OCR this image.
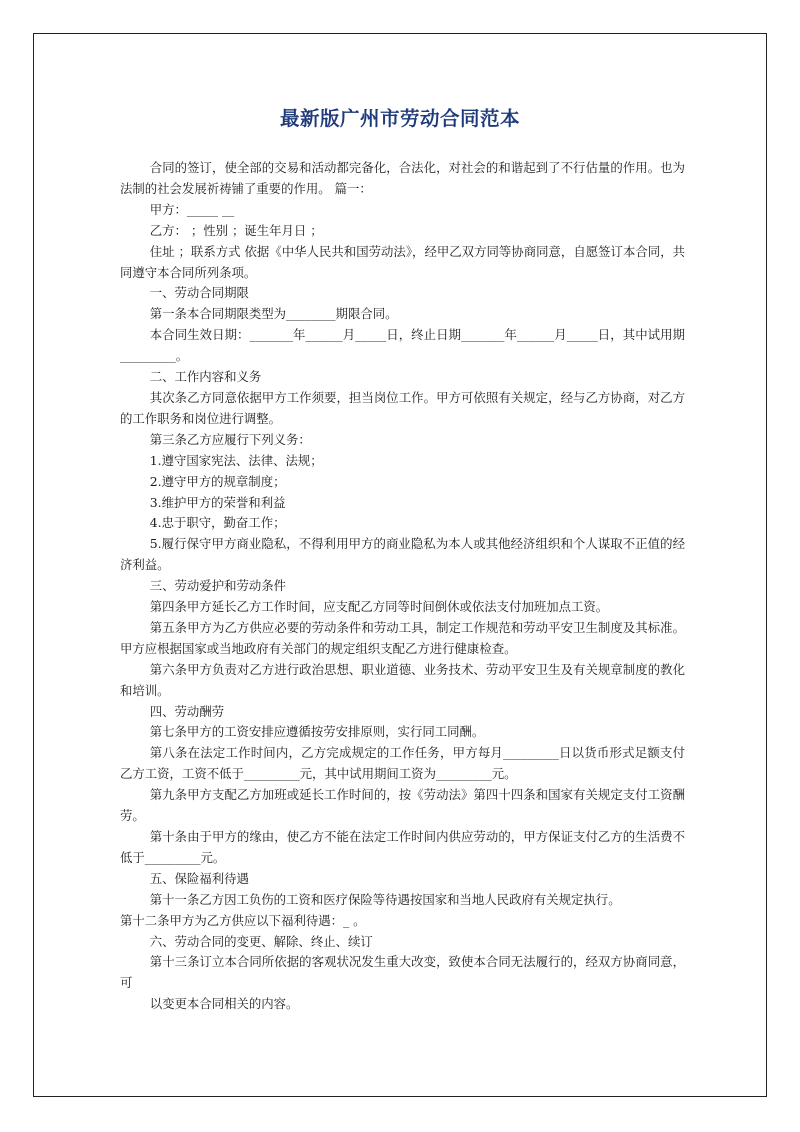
最新版广州市劳动合同范本

合同的签订，使全部的交易和活动都完备化，合法化，对社会的和谐起到了不行估量的作用。也为法制的社会发展祈祷铺了重要的作用。 篇一：

甲方：_____ __

乙方： ；性别 ；诞生年月日 ；

住址 ；联系方式 依据《中华人民共和国劳动法》，经甲乙双方同等协商同意，自愿签订本合同，共同遵守本合同所列条项。

一、劳动合同期限

第一条本合同期限类型为________期限合同。

本合同生效日期：_______年______月_____日，终止日期_______年______月_____日，其中试用期_________。

二、工作内容和义务

其次条乙方同意依据甲方工作须要，担当岗位工作。甲方可依照有关规定，经与乙方协商，对乙方的工作职务和岗位进行调整。

第三条乙方应履行下列义务：

1.遵守国家宪法、法律、法规；

2.遵守甲方的规章制度；

3.维护甲方的荣誉和利益

4.忠于职守，勤奋工作；

5.履行保守甲方商业隐私，不得利用甲方的商业隐私为本人或其他经济组织和个人谋取不正值的经济利益。

三、劳动爱护和劳动条件

第四条甲方延长乙方工作时间，应支配乙方同等时间倒休或依法支付加班加点工资。

第五条甲方为乙方供应必要的劳动条件和劳动工具，制定工作规范和劳动平安卫生制度及其标准。 甲方应根据国家或当地政府有关部门的规定组织支配乙方进行健康检查。

第六条甲方负责对乙方进行政治思想、职业道德、业务技术、劳动平安卫生及有关规章制度的教化和培训。

四、劳动酬劳

第七条甲方的工资安排应遵循按劳安排原则，实行同工同酬。

第八条在法定工作时间内，乙方完成规定的工作任务，甲方每月_________日以货币形式足额支付乙方工资，工资不低于_________元，其中试用期间工资为_________元。

第九条甲方支配乙方加班或延长工作时间的，按《劳动法》第四十四条和国家有关规定支付工资酬劳。

第十条由于甲方的缘由，使乙方不能在法定工作时间内供应劳动的，甲方保证支付乙方的生活费不低于_________元。

五、保险福利待遇

第十一条乙方因工负伤的工资和医疗保险等待遇按国家和当地人民政府有关规定执行。

第十二条甲方为乙方供应以下福利待遇：_ 。

六、劳动合同的变更、解除、终止、续订

第十三条订立本合同所依据的客观状况发生重大改变，致使本合同无法履行的，经双方协商同意，可

以变更本合同相关的内容。
